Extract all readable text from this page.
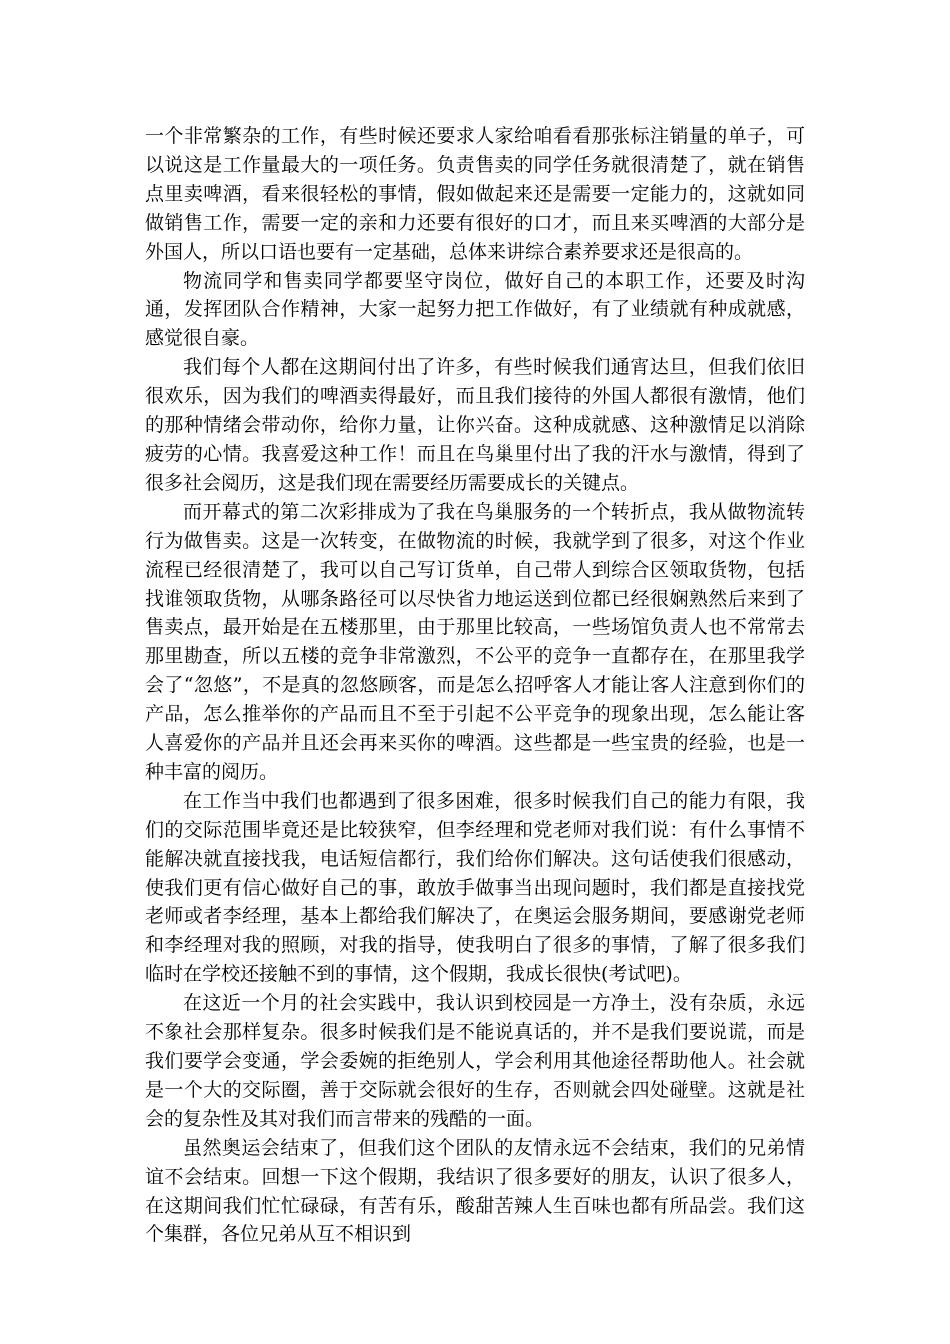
一个非常繁杂的工作，有些时候还要求人家给咱看看那张标注销量的单子，可以说这是工作量最大的一项任务。负责售卖的同学任务就很清楚了，就在销售点里卖啤酒，看来很轻松的事情，假如做起来还是需要一定能力的，这就如同做销售工作，需要一定的亲和力还要有很好的口才，而且来买啤酒的大部分是外国人，所以口语也要有一定基础，总体来讲综合素养要求还是很高的。

物流同学和售卖同学都要坚守岗位，做好自己的本职工作，还要及时沟通，发挥团队合作精神，大家一起努力把工作做好，有了业绩就有种成就感，感觉很自豪。

我们每个人都在这期间付出了许多，有些时候我们通宵达旦，但我们依旧很欢乐，因为我们的啤酒卖得最好，而且我们接待的外国人都很有激情，他们的那种情绪会带动你，给你力量，让你兴奋。这种成就感、这种激情足以消除疲劳的心情。我喜爱这种工作！而且在鸟巢里付出了我的汗水与激情，得到了很多社会阅历，这是我们现在需要经历需要成长的关键点。

而开幕式的第二次彩排成为了我在鸟巢服务的一个转折点，我从做物流转行为做售卖。这是一次转变，在做物流的时候，我就学到了很多，对这个作业流程已经很清楚了，我可以自己写订货单，自己带人到综合区领取货物，包括找谁领取货物，从哪条路径可以尽快省力地运送到位都已经很娴熟然后来到了售卖点，最开始是在五楼那里，由于那里比较高，一些场馆负责人也不常常去那里勘查，所以五楼的竞争非常激烈，不公平的竞争一直都存在，在那里我学会了“忽悠”，不是真的忽悠顾客，而是怎么招呼客人才能让客人注意到你们的产品，怎么推举你的产品而且不至于引起不公平竞争的现象出现，怎么能让客人喜爱你的产品并且还会再来买你的啤酒。这些都是一些宝贵的经验，也是一种丰富的阅历。

在工作当中我们也都遇到了很多困难，很多时候我们自己的能力有限，我们的交际范围毕竟还是比较狭窄，但李经理和党老师对我们说：有什么事情不能解决就直接找我，电话短信都行，我们给你们解决。这句话使我们很感动，使我们更有信心做好自己的事，敢放手做事当出现问题时，我们都是直接找党老师或者李经理，基本上都给我们解决了，在奥运会服务期间，要感谢党老师和李经理对我的照顾，对我的指导，使我明白了很多的事情，了解了很多我们临时在学校还接触不到的事情，这个假期，我成长很快(考试吧)。

在这近一个月的社会实践中，我认识到校园是一方净土，没有杂质，永远不象社会那样复杂。很多时候我们是不能说真话的，并不是我们要说谎，而是我们要学会变通，学会委婉的拒绝别人，学会利用其他途径帮助他人。社会就是一个大的交际圈，善于交际就会很好的生存，否则就会四处碰壁。这就是社会的复杂性及其对我们而言带来的残酷的一面。

虽然奥运会结束了，但我们这个团队的友情永远不会结束，我们的兄弟情谊不会结束。回想一下这个假期，我结识了很多要好的朋友，认识了很多人，在这期间我们忙忙碌碌，有苦有乐，酸甜苦辣人生百味也都有所品尝。我们这个集群，各位兄弟从互不相识到
